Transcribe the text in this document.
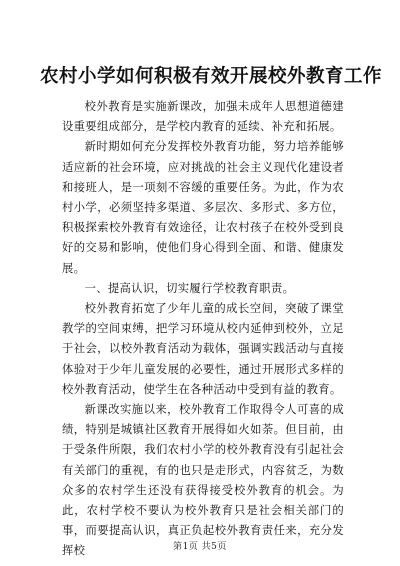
农村小学如何积极有效开展校外教育工作

校外教育是实施新课改，加强未成年人思想道德建设重要组成部分，是学校内教育的延续、补充和拓展。

新时期如何充分发挥校外教育功能，努力培养能够适应新的社会环境，应对挑战的社会主义现代化建设者和接班人，是一项刻不容缓的重要任务。为此，作为农村小学，必须坚持多渠道、多层次、多形式、多方位，积极探索校外教育有效途径，让农村孩子在校外受到良好的交易和影响，使他们身心得到全面、和谐、健康发展。

一、提高认识，切实履行学校教育职责。

校外教育拓宽了少年儿童的成长空间，突破了课堂教学的空间束缚，把学习环境从校内延伸到校外，立足于社会，以校外教育活动为载体，强调实践活动与直接体验对于少年儿童发展的必要性，通过开展形式多样的校外教育活动，使学生在各种活动中受到有益的教育。

新课改实施以来，校外教育工作取得令人可喜的成绩，特别是城镇社区教育开展得如火如荼。但目前，由于受条件所限，我们农村小学的校外教育没有引起社会有关部门的重视，有的也只是走形式，内容贫乏，为数众多的农村学生还没有获得接受校外教育的机会。为此，农村学校不要认为校外教育只是社会相关部门的事，而要提高认识，真正负起校外教育责任来，充分发挥校	第1页 共5页
